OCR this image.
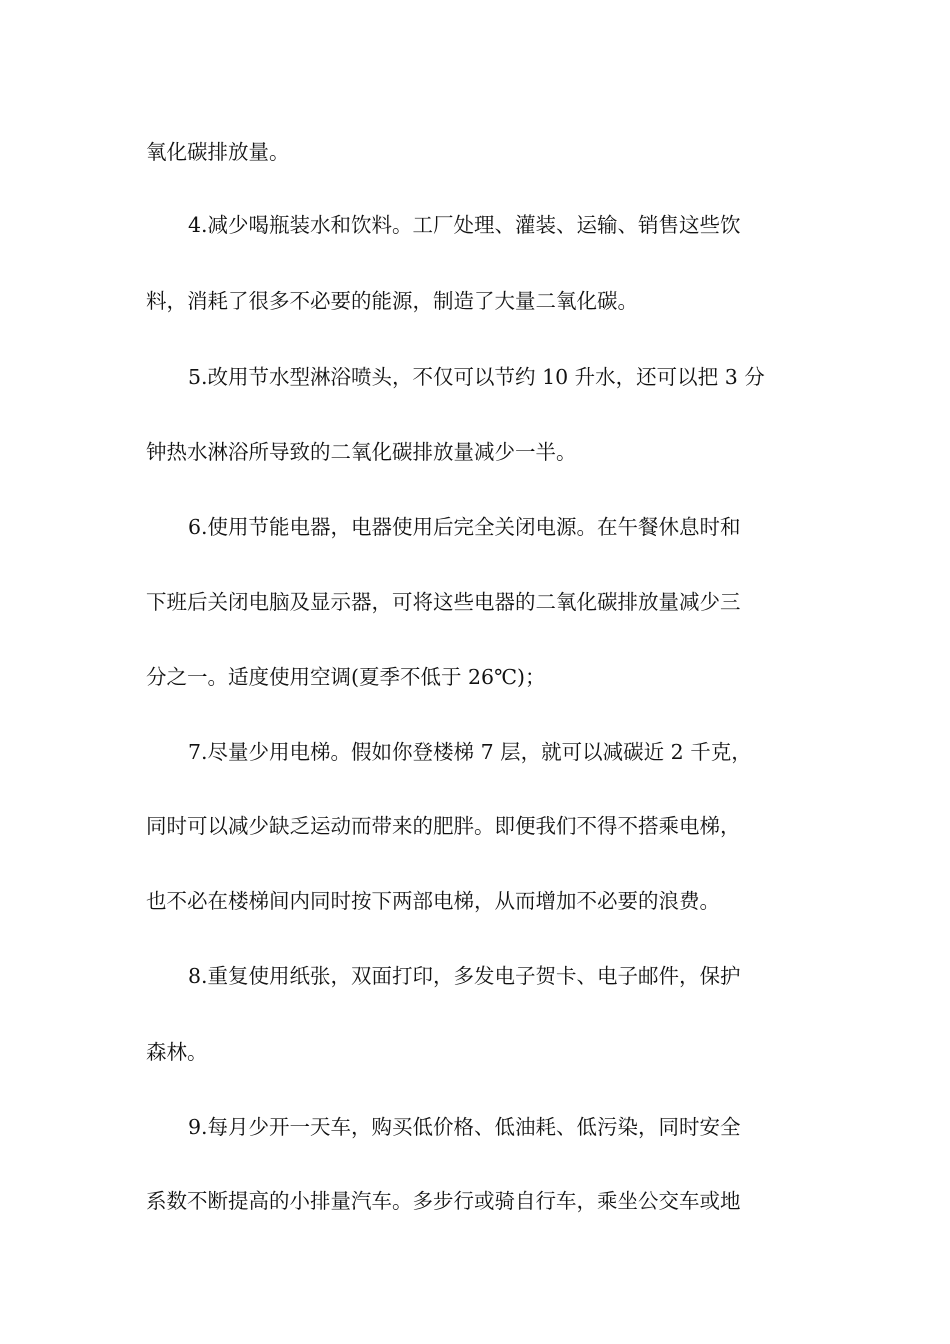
氧化碳排放量。
4.减少喝瓶装水和饮料。工厂处理、灌装、运输、销售这些饮
料，消耗了很多不必要的能源，制造了大量二氧化碳。
5.改用节水型淋浴喷头，不仅可以节约 10 升水，还可以把 3 分
钟热水淋浴所导致的二氧化碳排放量减少一半。
6.使用节能电器，电器使用后完全关闭电源。在午餐休息时和
下班后关闭电脑及显示器，可将这些电器的二氧化碳排放量减少三
分之一。适度使用空调(夏季不低于 26℃)；
7.尽量少用电梯。假如你登楼梯 7 层，就可以减碳近 2 千克，
同时可以减少缺乏运动而带来的肥胖。即便我们不得不搭乘电梯，
也不必在楼梯间内同时按下两部电梯，从而增加不必要的浪费。
8.重复使用纸张，双面打印，多发电子贺卡、电子邮件，保护
森林。
9.每月少开一天车，购买低价格、低油耗、低污染，同时安全
系数不断提高的小排量汽车。多步行或骑自行车，乘坐公交车或地
